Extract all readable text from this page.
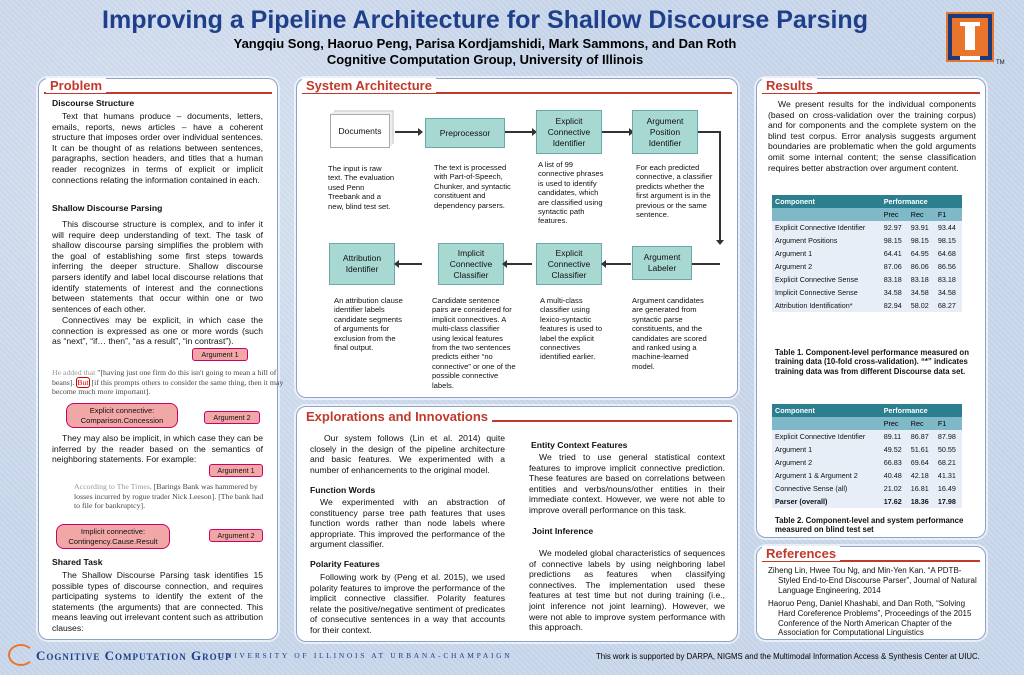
Improving a Pipeline Architecture for Shallow Discourse Parsing
Yangqiu Song, Haoruo Peng, Parisa Kordjamshidi, Mark Sammons, and Dan Roth
Cognitive Computation Group, University of Illinois	TM
Problem
Discourse Structure
Text that humans produce – documents, letters, emails, reports, news articles – have a coherent structure that imposes order over individual sentences. It can be thought of as relations between sentences, paragraphs, section headers, and titles that a human reader recognizes in terms of explicit or implicit connections relating the information contained in each.
Shallow Discourse Parsing
This discourse structure is complex, and to infer it will require deep understanding of text. The task of shallow discourse parsing simplifies the problem with the goal of establishing some first steps towards inferring the deeper structure. Shallow discourse parsers identify and label local discourse relations that identify statements of interest and the connections between statements that occur within one or two sentences of each other.
Connectives may be explicit, in which case the connection is expressed as one or more words (such as “next”, “if… then”, “as a result”, “in contrast”).
Argument 1
He added that "[having just one firm do this isn't going to mean a hill of beans]. But [if this prompts others to consider the same thing, then it may become much more important].
Explicit connective: Comparison.Concession	Argument 2
They may also be implicit, in which case they can be inferred by the reader based on the semantics of neighboring statements. For example:
Argument 1
According to The Times, [Barings Bank was hammered by losses incurred by rogue trader Nick Leeson]. [The bank had to file for bankruptcy].
Implicit connective: Contingency.Cause.Result
Argument 2
Shared Task
The Shallow Discourse Parsing task identifies 15 possible types of discourse connection, and requires participating systems to identify the extent of the statements (the arguments) that are connected. This means leaving out irrelevant content such as attribution clauses:
System Architecture
Documents	Preprocessor
Explicit Connective Identifier
Argument Position Identifier
The input is raw text. The evaluation used Penn Treebank and a new, blind test set.
The text is processed with Part-of-Speech, Chunker, and syntactic constituent and dependency parsers.
A list of 99 connective phrases is used to identify candidates, which are classified using syntactic path features.
For each predicted connective, a classifier predicts whether the first argument is in the previous or the same sentence.
Attribution Identifier
Implicit Connective Classifier
Explicit Connective Classifier
Argument Labeler
An attribution clause identifier labels candidate segments of arguments for exclusion from the final output.
Candidate sentence pairs are considered for implicit connectives. A multi-class classifier using lexical features from the two sentences predicts either “no connective” or one of the possible connective labels.
A multi-class classifier using lexico-syntactic features is used to label the explicit connectives identified earlier.
Argument candidates are generated from syntactic parse constituents, and the candidates are scored and ranked using a machine-learned model.
Explorations and Innovations
Our system follows (Lin et al. 2014) quite closely in the design of the pipeline architecture and basic features. We experimented with a number of enhancements to the original model.
Function Words
We experimented with an abstraction of constituency parse tree path features that uses function words rather than node labels where appropriate. This improved the performance of the argument classifier.
Polarity Features
Following work by (Peng et al. 2015), we used polarity features to improve the performance of the implicit connective classifier. Polarity features relate the positive/negative sentiment of predicates of consecutive sentences in a way that accounts for their context.
Entity Context Features
We tried to use general statistical context features to improve implicit connective prediction. These features are based on correlations between entities and verbs/nouns/other entities in their immediate context. However, we were not able to improve overall performance on this task.
Joint Inference
We modeled global characteristics of sequences of connective labels by using neighboring label predictions as features when classifying connectives. The implementation used these features at test time but not during training (i.e., joint inference not joint learning). However, we were not able to improve system performance with this approach.
Results
We present results for the individual components (based on cross-validation over the training corpus) and for components and the complete system on the blind test corpus. Error analysis suggests argument boundaries are problematic when the gold arguments omit some internal content; the sense classification requires better abstraction over argument content.
Component	Performance		
	Prec	Rec	F1
Explicit Connective Identifier	92.97	93.91	93.44
Argument Positions	98.15	98.15	98.15
Argument 1	64.41	64.95	64.68
Argument 2	87.06	86.06	86.56
Explicit Connective Sense	83.18	83.18	83.18
Implicit Connective Sense	34.58	34.58	34.58
Attribution Identification*	82.94	58.02	68.27
Table 1. Component-level performance measured on training data (10-fold cross-validation). “*” indicates training data was from different Discourse data set.
Component	Performance		
	Prec	Rec	F1
Explicit Connective Identifier	89.11	86.87	87.98
Argument 1	49.52	51.61	50.55
Argument 2	66.83	69.64	68.21
Argument 1 & Argument 2	40.48	42.18	41.31
Connective Sense (all)	21.02	16.81	16.49
Parser (overall)	17.62	18.36	17.98
Table 2. Component-level and system performance measured on blind test set
References
Ziheng Lin, Hwee Tou Ng, and Min-Yen Kan. “A PDTB-Styled End-to-End Discourse Parser”, Journal of Natural Language Engineering, 2014
Haoruo Peng, Daniel Khashabi, and Dan Roth, “Solving Hard Coreference Problems”, Proceedings of the 2015 Conference of the North American Chapter of the Association for Computational Linguistics
Cognitive Computation Group
UNIVERSITY OF ILLINOIS AT URBANA-CHAMPAIGN	This work is supported by DARPA, NIGMS and the Multimodal Information Access & Synthesis Center at UIUC.
